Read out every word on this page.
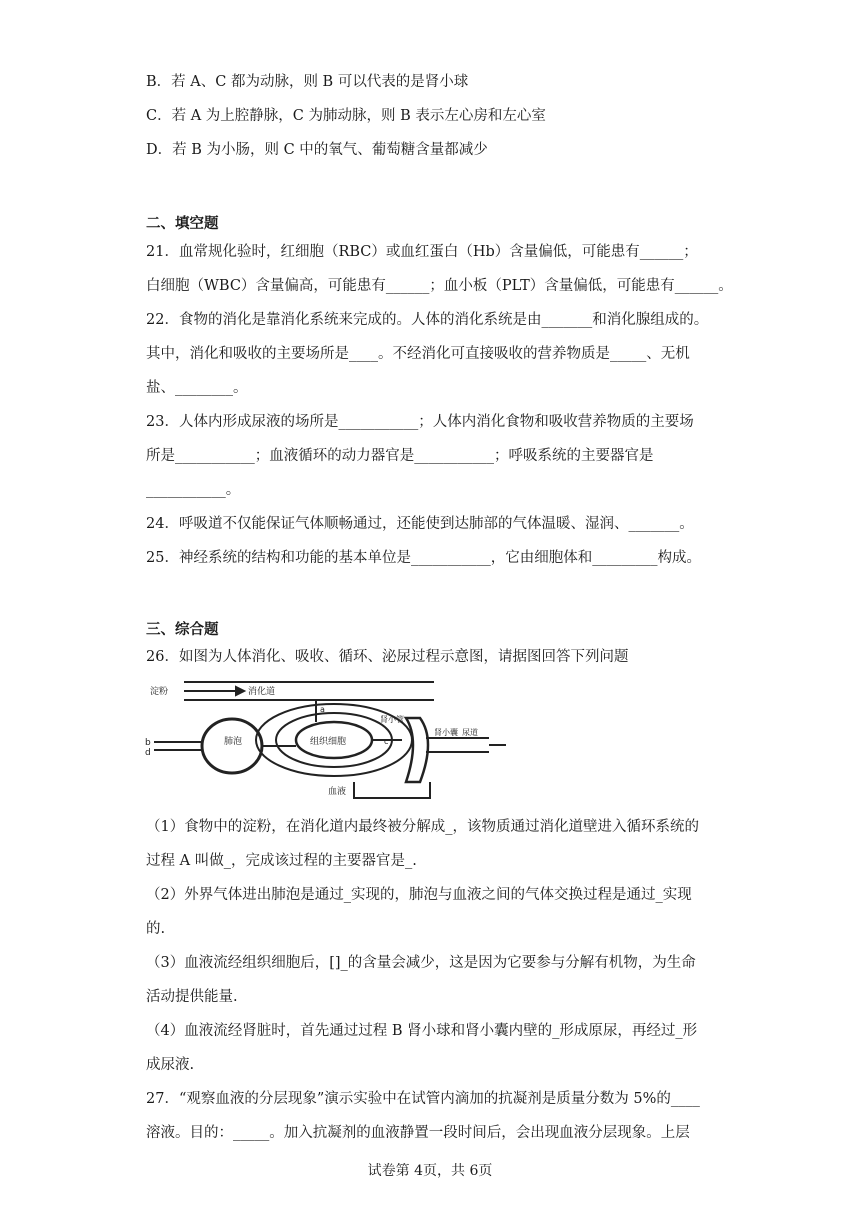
B．若 A、C 都为动脉，则 B 可以代表的是肾小球
C．若 A 为上腔静脉，C 为肺动脉，则 B 表示左心房和左心室
D．若 B 为小肠，则 C 中的氧气、葡萄糖含量都减少
二、填空题
21．血常规化验时，红细胞（RBC）或血红蛋白（Hb）含量偏低，可能患有______；
白细胞（WBC）含量偏高，可能患有______；血小板（PLT）含量偏低，可能患有______。
22．食物的消化是靠消化系统来完成的。人体的消化系统是由_______和消化腺组成的。
其中，消化和吸收的主要场所是____。不经消化可直接吸收的营养物质是_____、无机
盐、________。
23．人体内形成尿液的场所是___________；人体内消化食物和吸收营养物质的主要场
所是___________；血液循环的动力器官是___________；呼吸系统的主要器官是
___________。
24．呼吸道不仅能保证气体顺畅通过，还能使到达肺部的气体温暖、湿润、_______。
25．神经系统的结构和功能的基本单位是___________，它由细胞体和_________构成。
三、综合题
26．如图为人体消化、吸收、循环、泌尿过程示意图，请据图回答下列问题
淀粉	消化道
肺泡	组织细胞
肾小管
肾小囊 尿道
血液
b
d
a
c
（1）食物中的淀粉，在消化道内最终被分解成_，该物质通过消化道壁进入循环系统的
过程 A 叫做_，完成该过程的主要器官是_.
（2）外界气体进出肺泡是通过_实现的，肺泡与血液之间的气体交换过程是通过_实现
的.
（3）血液流经组织细胞后，[]_的含量会减少，这是因为它要参与分解有机物，为生命
活动提供能量.
（4）血液流经肾脏时，首先通过过程 B 肾小球和肾小囊内壁的_形成原尿，再经过_形
成尿液.
27．“观察血液的分层现象”演示实验中在试管内滴加的抗凝剂是质量分数为 5%的____
溶液。目的：_____。加入抗凝剂的血液静置一段时间后，会出现血液分层现象。上层
试卷第 4页，共 6页
